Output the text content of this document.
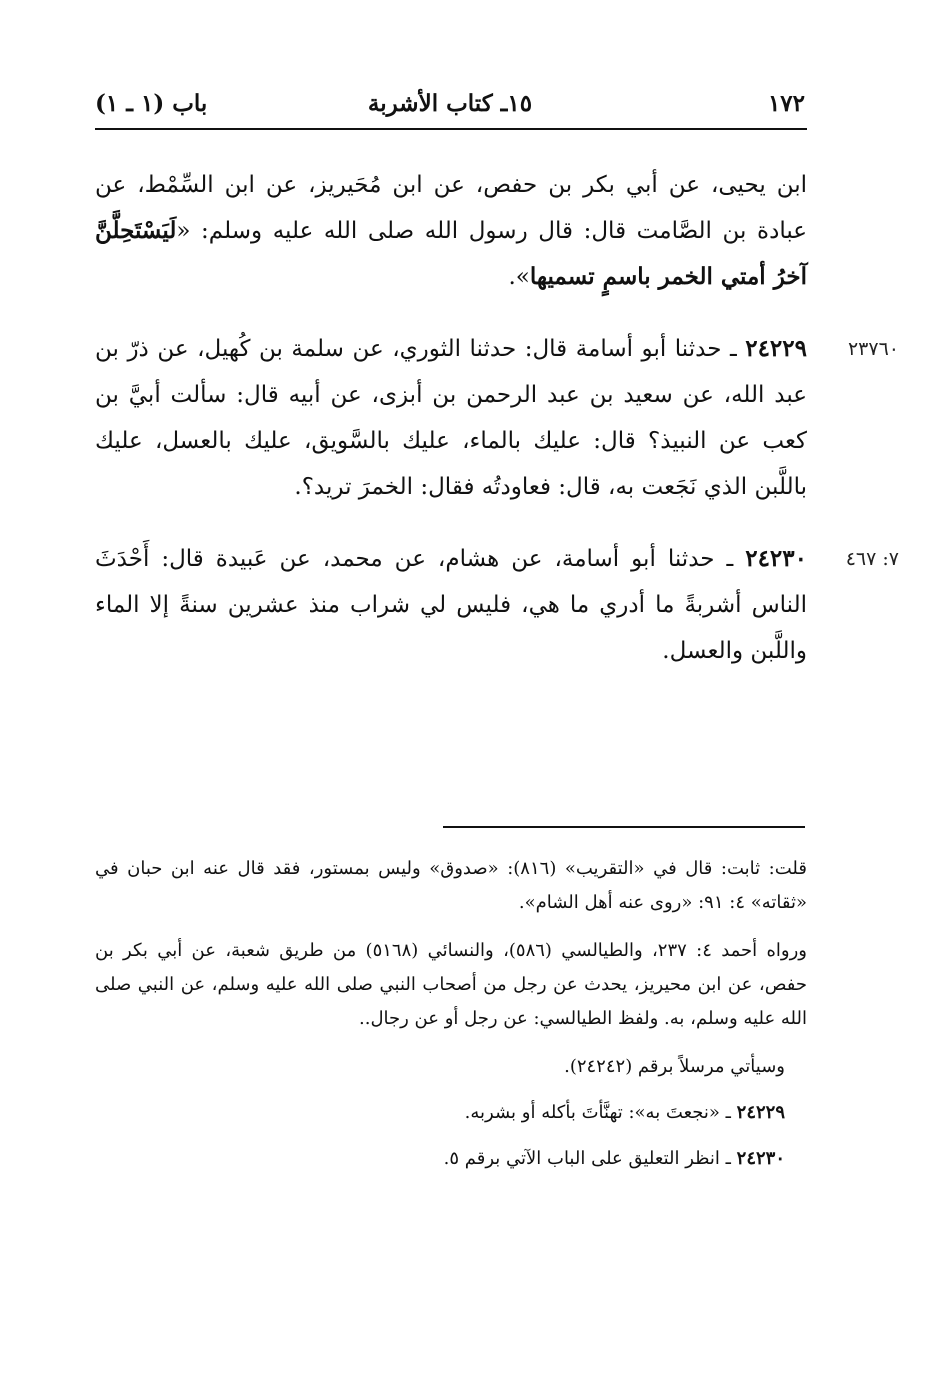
١٧٢
١٥ـ كتاب الأشربة
باب (١ ـ ١)

ابن يحيى، عن أبي بكر بن حفص، عن ابن مُحَيريز، عن ابن السِّمْط، عن عبادة بن الصَّامت قال: قال رسول الله صلى الله عليه وسلم: «لَيَسْتَحِلَّنَّ آخرُ أمتي الخمر باسمٍ تسميها».

٢٣٧٦٠

٢٤٢٢٩ ـ حدثنا أبو أسامة قال: حدثنا الثوري، عن سلمة بن كُهيل، عن ذرّ بن عبد الله، عن سعيد بن عبد الرحمن بن أبزى، عن أبيه قال: سألت أبيَّ بن كعب عن النبيذ؟ قال: عليك بالماء، عليك بالسَّويق، عليك بالعسل، عليك باللَّبن الذي نَجَعت به، قال: فعاودتُه فقال: الخمرَ تريد؟.

٧: ٤٦٧

٢٤٢٣٠ ـ حدثنا أبو أسامة، عن هشام، عن محمد، عن عَبيدة قال: أَحْدَثَ الناس أشربةً ما أدري ما هي، فليس لي شراب منذ عشرين سنةً إلا الماء واللَّبن والعسل.

قلت: ثابت: قال في «التقريب» (٨١٦): «صدوق» وليس بمستور، فقد قال عنه ابن حبان في «ثقاته» ٤: ٩١: «روى عنه أهل الشام».

ورواه أحمد ٤: ٢٣٧، والطيالسي (٥٨٦)، والنسائي (٥١٦٨) من طريق شعبة، عن أبي بكر بن حفص، عن ابن محيريز، يحدث عن رجل من أصحاب النبي صلى الله عليه وسلم، عن النبي صلى الله عليه وسلم، به. ولفظ الطيالسي: عن رجل أو عن رجال..

وسيأتي مرسلاً برقم (٢٤٢٤٢).

٢٤٢٢٩ ـ «نجعتَ به»: تهنَّأتَ بأكله أو بشربه.

٢٤٢٣٠ ـ انظر التعليق على الباب الآتي برقم ٥.
